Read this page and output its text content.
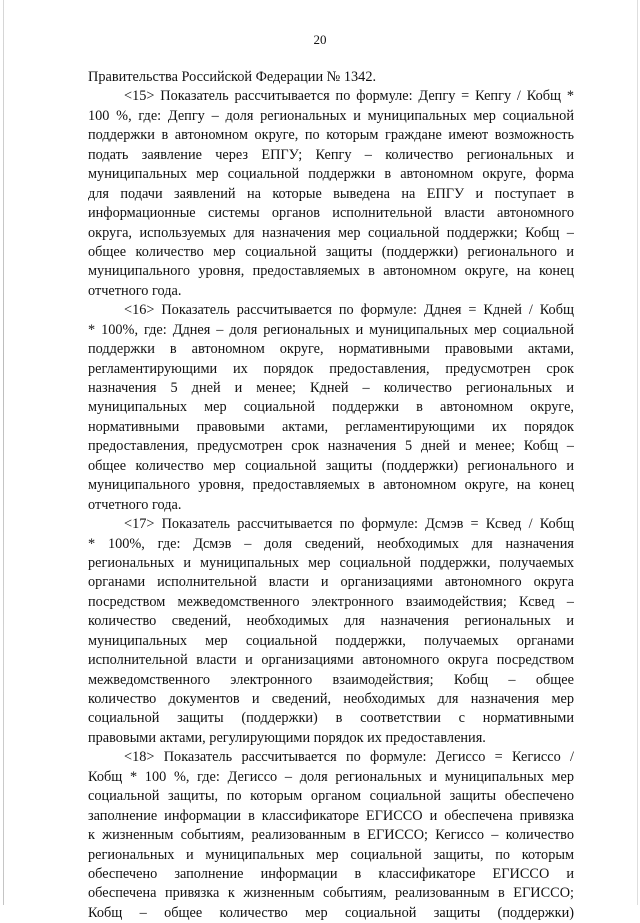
20
Правительства Российской Федерации № 1342.
<15> Показатель рассчитывается по формуле: Депгу = Кепгу / Кобщ *
100 %, где: Депгу – доля региональных и муниципальных мер социальной
поддержки в автономном округе, по которым граждане имеют возможность
подать заявление через ЕПГУ; Кепгу – количество региональных и
муниципальных мер социальной поддержки в автономном округе, форма
для подачи заявлений на которые выведена на ЕПГУ и поступает в
информационные системы органов исполнительной власти автономного
округа, используемых для назначения мер социальной поддержки; Кобщ –
общее количество мер социальной защиты (поддержки) регионального и
муниципального уровня, предоставляемых в автономном округе, на конец
отчетного года.
<16> Показатель рассчитывается по формуле: Дднея = Кдней / Кобщ
* 100%, где: Дднея – доля региональных и муниципальных мер социальной
поддержки в автономном округе, нормативными правовыми актами,
регламентирующими их порядок предоставления, предусмотрен срок
назначения 5 дней и менее; Кдней – количество региональных и
муниципальных мер социальной поддержки в автономном округе,
нормативными правовыми актами, регламентирующими их порядок
предоставления, предусмотрен срок назначения 5 дней и менее; Кобщ –
общее количество мер социальной защиты (поддержки) регионального и
муниципального уровня, предоставляемых в автономном округе, на конец
отчетного года.
<17> Показатель рассчитывается по формуле: Дсмэв = Ксвед / Кобщ
* 100%, где: Дсмэв – доля сведений, необходимых для назначения
региональных и муниципальных мер социальной поддержки, получаемых
органами исполнительной власти и организациями автономного округа
посредством межведомственного электронного взаимодействия; Ксвед –
количество сведений, необходимых для назначения региональных и
муниципальных мер социальной поддержки, получаемых органами
исполнительной власти и организациями автономного округа посредством
межведомственного электронного взаимодействия; Кобщ – общее
количество документов и сведений, необходимых для назначения мер
социальной защиты (поддержки) в соответствии с нормативными
правовыми актами, регулирующими порядок их предоставления.
<18> Показатель рассчитывается по формуле: Дегиссо = Кегиссо /
Кобщ * 100 %, где: Дегиссо – доля региональных и муниципальных мер
социальной защиты, по которым органом социальной защиты обеспечено
заполнение информации в классификаторе ЕГИССО и обеспечена привязка
к жизненным событиям, реализованным в ЕГИССО; Кегиссо – количество
региональных и муниципальных мер социальной защиты, по которым
обеспечено заполнение информации в классификаторе ЕГИССО и
обеспечена привязка к жизненным событиям, реализованным в ЕГИССО;
Кобщ – общее количество мер социальной защиты (поддержки)
